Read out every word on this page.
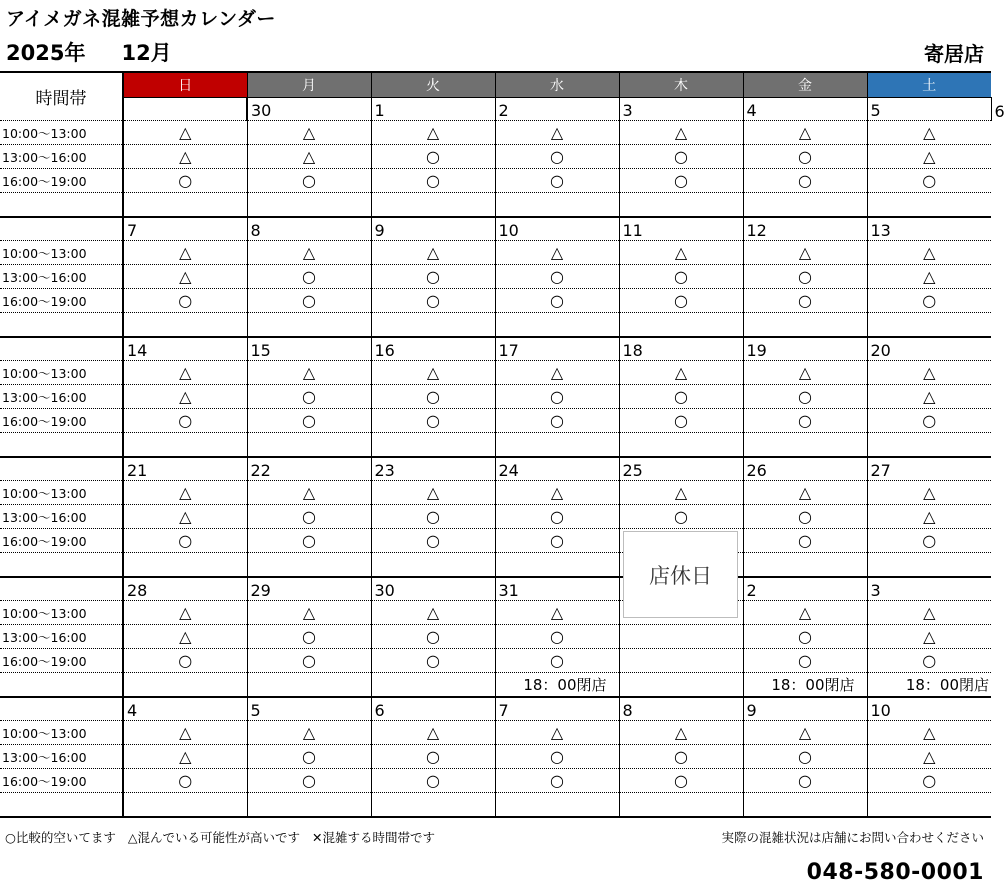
アイメガネ混雑予想カレンダー
2025年 12月	寄居店
時間帯	日	月	火	水	木	金	土	
		30	1	2	3	4	5	6
10:00～13:00	△	△	△	△	△	△	△	
13:00～16:00	△	△	○	○	○	○	△	
16:00～19:00	○	○	○	○	○	○	○	

	7	8	9	10	11	12	13	
10:00～13:00	△	△	△	△	△	△	△	
13:00～16:00	△	○	○	○	○	○	△	
16:00～19:00	○	○	○	○	○	○	○	

	14	15	16	17	18	19	20	
10:00～13:00	△	△	△	△	△	△	△	
13:00～16:00	△	○	○	○	○	○	△	
16:00～19:00	○	○	○	○	○	○	○	

	21	22	23	24	25	26	27	
10:00～13:00	△	△	△	△	△	△	△	
13:00～16:00	△	○	○	○	○	○	△	
16:00～19:00	○	○	○	○		○	○	

	28	29	30	31		2	3	
10:00～13:00	△	△	△	△		△	△	
13:00～16:00	△	○	○	○		○	△	
16:00～19:00	○	○	○	○		○	○	
				18：00閉店		18：00閉店	18：00閉店	
	4	5	6	7	8	9	10	
10:00～13:00	△	△	△	△	△	△	△	
13:00～16:00	△	○	○	○	○	○	△	
16:00～19:00	○	○	○	○	○	○	○	

店休日
○比較的空いてます △混んでいる可能性が高いです ✕混雑する時間帯です	実際の混雑状況は店舗にお問い合わせください
048-580-0001
